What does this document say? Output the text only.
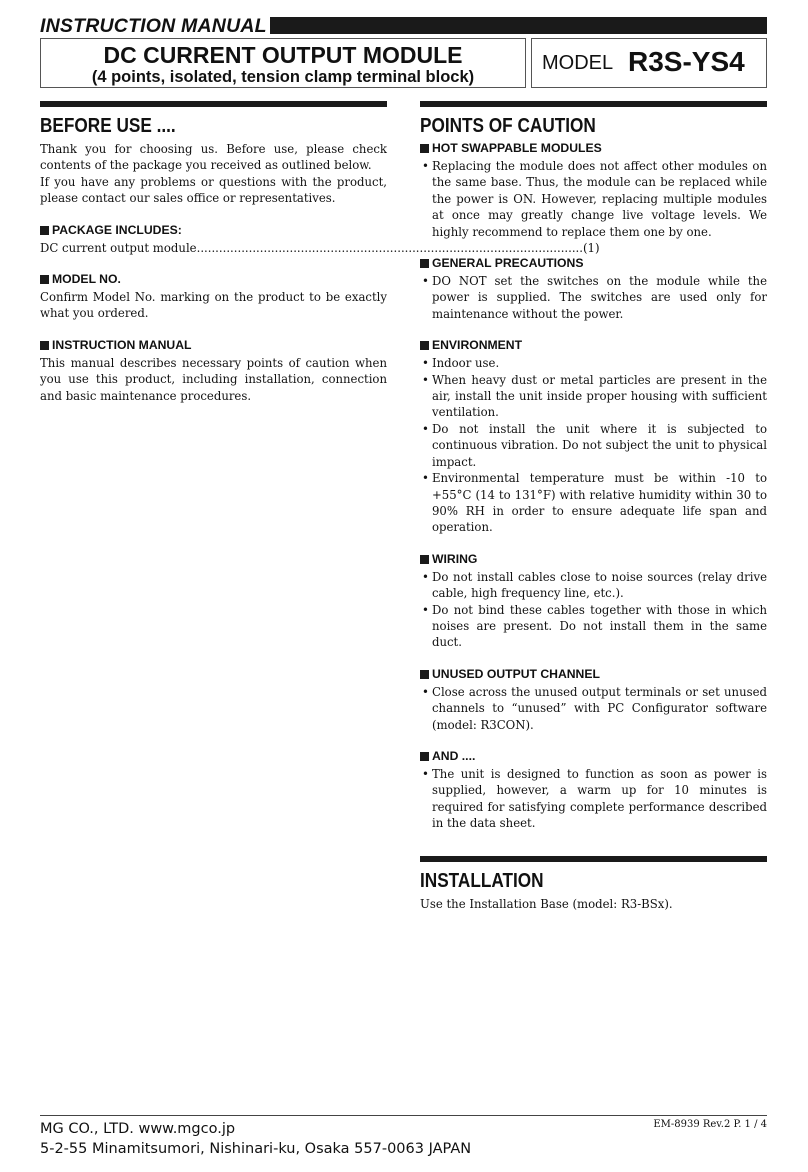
INSTRUCTION MANUAL
DC CURRENT OUTPUT MODULE
(4 points, isolated, tension clamp terminal block)
MODEL R3S-YS4
BEFORE USE ....

Thank you for choosing us. Before use, please check contents of the package you received as outlined below.

If you have any problems or questions with the product, please contact our sales office or representatives.

PACKAGE INCLUDES:
DC current output module ........................................................................................................ (1)
MODEL NO.

Confirm Model No. marking on the product to be exactly what you ordered.

INSTRUCTION MANUAL

This manual describes necessary points of caution when you use this product, including installation, connection and basic maintenance procedures.

POINTS OF CAUTION
HOT SWAPPABLE MODULES
• Replacing the module does not affect other modules on the same base. Thus, the module can be replaced while the power is ON. However, replacing multiple modules at once may greatly change live voltage levels. We highly recommend to replace them one by one.
GENERAL PRECAUTIONS
• DO NOT set the switches on the module while the power is supplied. The switches are used only for maintenance without the power.
ENVIRONMENT
• Indoor use.
• When heavy dust or metal particles are present in the air, install the unit inside proper housing with sufficient ventilation.
• Do not install the unit where it is subjected to continuous vibration. Do not subject the unit to physical impact.
• Environmental temperature must be within -10 to +55°C (14 to 131°F) with relative humidity within 30 to 90% RH in order to ensure adequate life span and operation.
WIRING
• Do not install cables close to noise sources (relay drive cable, high frequency line, etc.).
• Do not bind these cables together with those in which noises are present. Do not install them in the same duct.
UNUSED OUTPUT CHANNEL
• Close across the unused output terminals or set unused channels to “unused” with PC Configurator software (model: R3CON).
AND ....
• The unit is designed to function as soon as power is supplied, however, a warm up for 10 minutes is required for satisfying complete performance described in the data sheet.
INSTALLATION

Use the Installation Base (model: R3-BSx).

MG CO., LTD. www.mgco.jp
5-2-55 Minamitsumori, Nishinari-ku, Osaka 557-0063 JAPAN
EM-8939 Rev.2 P. 1 / 4
